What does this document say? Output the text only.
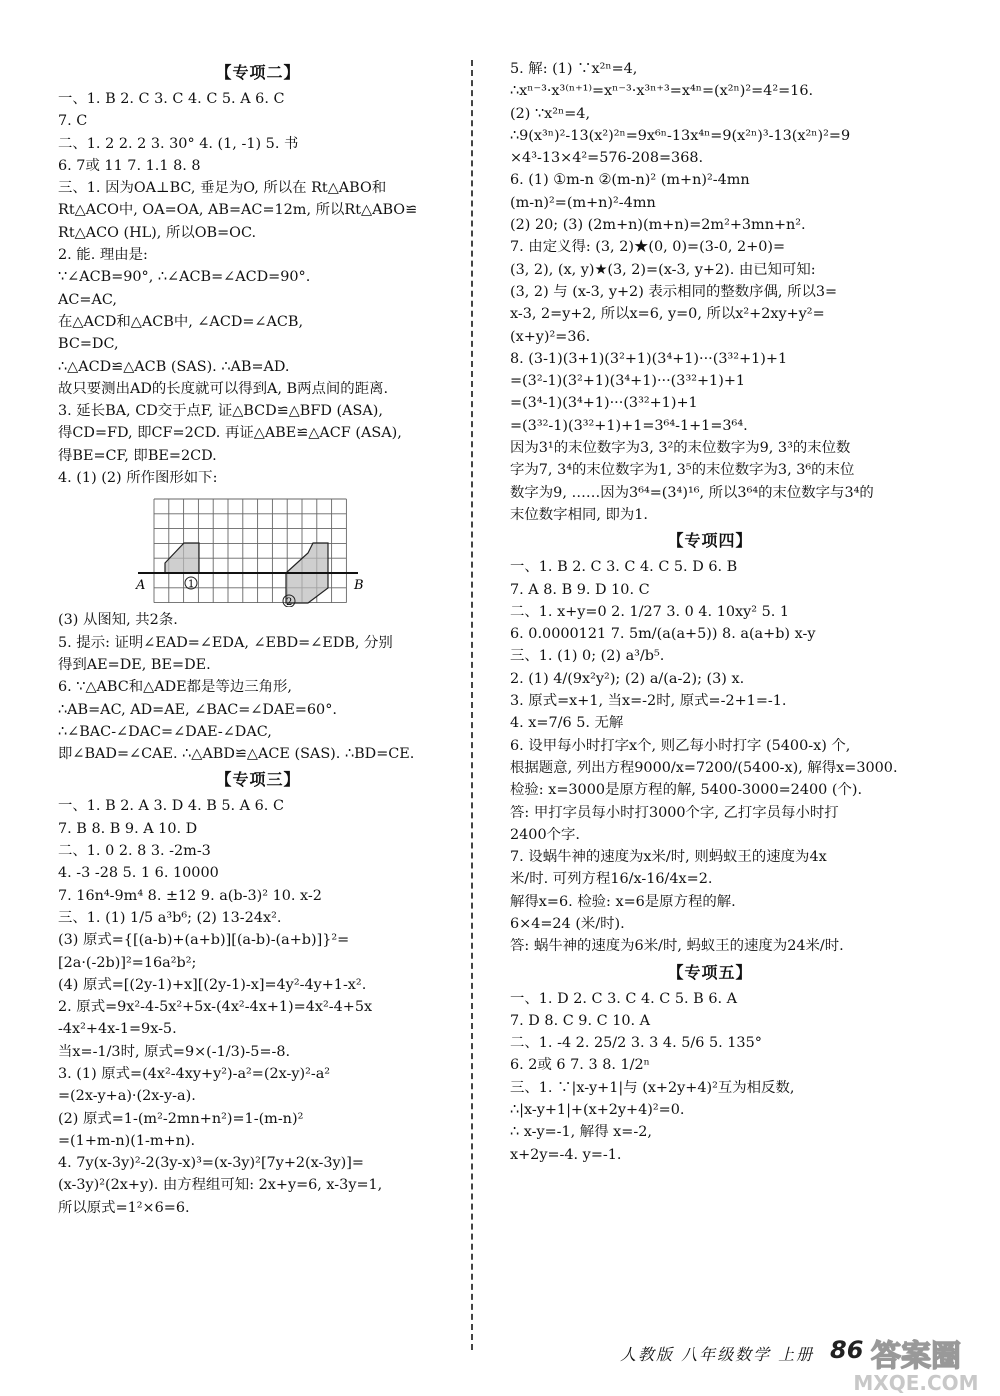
【专项二】
一、1. B 2. C 3. C 4. C 5. A 6. C
7. C
二、1. 2 2. 2 3. 30° 4. (1, -1) 5. 书
6. 7或 11 7. 1.1 8. 8
三、1. 因为OA⊥BC, 垂足为O, 所以在 Rt△ABO和
Rt△ACO中, OA=OA, AB=AC=12m, 所以Rt△ABO≌
Rt△ACO (HL), 所以OB=OC.
2. 能. 理由是:
∵∠ACB=90°, ∴∠ACB=∠ACD=90°.
AC=AC,
在△ACD和△ACB中, ∠ACD=∠ACB,
BC=DC,
∴△ACD≌△ACB (SAS). ∴AB=AD.
故只要测出AD的长度就可以得到A, B两点间的距离.
3. 延长BA, CD交于点F, 证△BCD≌△BFD (ASA),
得CD=FD, 即CF=2CD. 再证△ABE≌△ACF (ASA),
得BE=CF, 即BE=2CD.
4. (1) (2) 所作图形如下:
A	B
1
2
(3) 从图知, 共2条.
5. 提示: 证明∠EAD=∠EDA, ∠EBD=∠EDB, 分别
得到AE=DE, BE=DE.
6. ∵△ABC和△ADE都是等边三角形,
∴AB=AC, AD=AE, ∠BAC=∠DAE=60°.
∴∠BAC-∠DAC=∠DAE-∠DAC,
即∠BAD=∠CAE. ∴△ABD≌△ACE (SAS). ∴BD=CE.
【专项三】
一、1. B 2. A 3. D 4. B 5. A 6. C
7. B 8. B 9. A 10. D
二、1. 0 2. 8 3. -2m-3
4. -3 -28 5. 1 6. 10000
7. 16n⁴-9m⁴ 8. ±12 9. a(b-3)² 10. x-2
三、1. (1) 1/5 a³b⁶; (2) 13-24x².
(3) 原式={[(a-b)+(a+b)][(a-b)-(a+b)]}²=
[2a·(-2b)]²=16a²b²;
(4) 原式=[(2y-1)+x][(2y-1)-x]=4y²-4y+1-x².
2. 原式=9x²-4-5x²+5x-(4x²-4x+1)=4x²-4+5x
-4x²+4x-1=9x-5.
当x=-1/3时, 原式=9×(-1/3)-5=-8.
3. (1) 原式=(4x²-4xy+y²)-a²=(2x-y)²-a²
=(2x-y+a)·(2x-y-a).
(2) 原式=1-(m²-2mn+n²)=1-(m-n)²
=(1+m-n)(1-m+n).
4. 7y(x-3y)²-2(3y-x)³=(x-3y)²[7y+2(x-3y)]=
(x-3y)²(2x+y). 由方程组可知: 2x+y=6, x-3y=1,
所以原式=1²×6=6.
5. 解: (1) ∵x²ⁿ=4,
∴xⁿ⁻³·x³⁽ⁿ⁺¹⁾=xⁿ⁻³·x³ⁿ⁺³=x⁴ⁿ=(x²ⁿ)²=4²=16.
(2) ∵x²ⁿ=4,
∴9(x³ⁿ)²-13(x²)²ⁿ=9x⁶ⁿ-13x⁴ⁿ=9(x²ⁿ)³-13(x²ⁿ)²=9
×4³-13×4²=576-208=368.
6. (1) ①m-n ②(m-n)² (m+n)²-4mn
(m-n)²=(m+n)²-4mn
(2) 20; (3) (2m+n)(m+n)=2m²+3mn+n².
7. 由定义得: (3, 2)★(0, 0)=(3-0, 2+0)=
(3, 2), (x, y)★(3, 2)=(x-3, y+2). 由已知可知:
(3, 2) 与 (x-3, y+2) 表示相同的整数序偶, 所以3=
x-3, 2=y+2, 所以x=6, y=0, 所以x²+2xy+y²=
(x+y)²=36.
8. (3-1)(3+1)(3²+1)(3⁴+1)···(3³²+1)+1
=(3²-1)(3²+1)(3⁴+1)···(3³²+1)+1
=(3⁴-1)(3⁴+1)···(3³²+1)+1
=(3³²-1)(3³²+1)+1=3⁶⁴-1+1=3⁶⁴.
因为3¹的末位数字为3, 3²的末位数字为9, 3³的末位数
字为7, 3⁴的末位数字为1, 3⁵的末位数字为3, 3⁶的末位
数字为9, ……因为3⁶⁴=(3⁴)¹⁶, 所以3⁶⁴的末位数字与3⁴的
末位数字相同, 即为1.
【专项四】
一、1. B 2. C 3. C 4. C 5. D 6. B
7. A 8. B 9. D 10. C
二、1. x+y=0 2. 1/27 3. 0 4. 10xy² 5. 1
6. 0.0000121 7. 5m/(a(a+5)) 8. a(a+b) x-y
三、1. (1) 0; (2) a³/b⁵.
2. (1) 4/(9x²y²); (2) a/(a-2); (3) x.
3. 原式=x+1, 当x=-2时, 原式=-2+1=-1.
4. x=7/6 5. 无解
6. 设甲每小时打字x个, 则乙每小时打字 (5400-x) 个,
根据题意, 列出方程9000/x=7200/(5400-x), 解得x=3000.
检验: x=3000是原方程的解, 5400-3000=2400 (个).
答: 甲打字员每小时打3000个字, 乙打字员每小时打
2400个字.
7. 设蜗牛神的速度为x米/时, 则蚂蚁王的速度为4x
米/时. 可列方程16/x-16/4x=2.
解得x=6. 检验: x=6是原方程的解.
6×4=24 (米/时).
答: 蜗牛神的速度为6米/时, 蚂蚁王的速度为24米/时.
【专项五】
一、1. D 2. C 3. C 4. C 5. B 6. A
7. D 8. C 9. C 10. A
二、1. -4 2. 25/2 3. 3 4. 5/6 5. 135°
6. 2或 6 7. 3 8. 1/2ⁿ
三、1. ∵|x-y+1|与 (x+2y+4)²互为相反数,
∴|x-y+1|+(x+2y+4)²=0.
∴ x-y=-1, 解得 x=-2,
x+2y=-4. y=-1.
人教版 八年级数学 上册 86 答案圈
MXQE.COM
